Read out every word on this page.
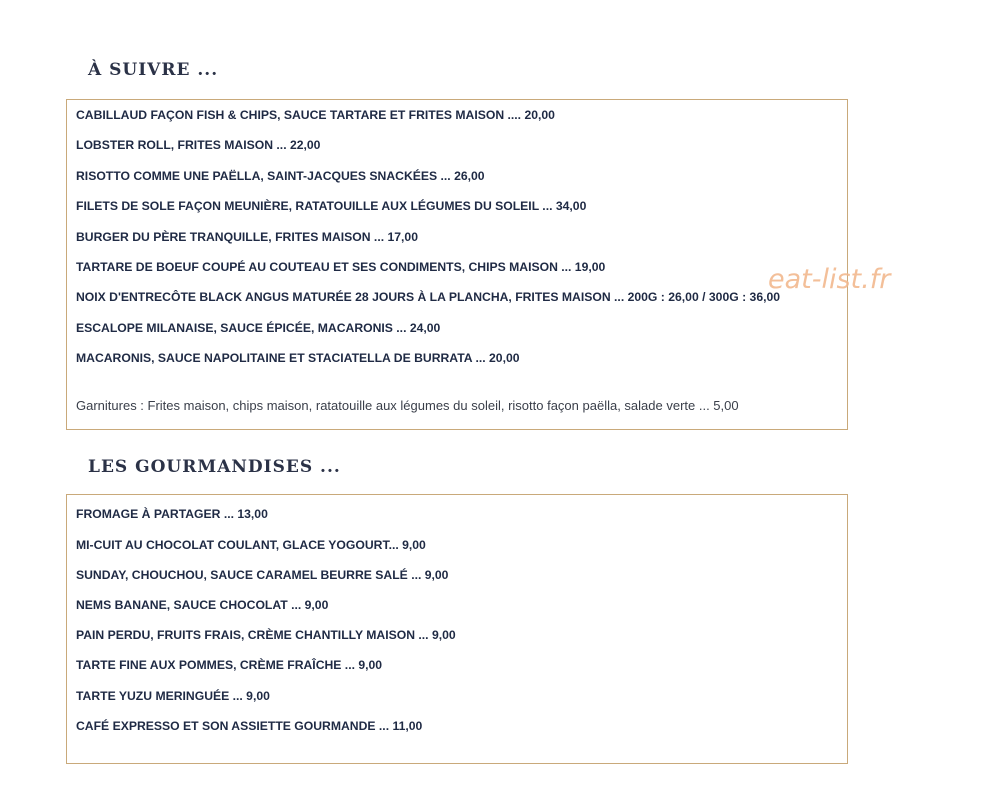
À SUIVRE ...
CABILLAUD FAÇON FISH & CHIPS, SAUCE TARTARE ET FRITES MAISON .... 20,00
LOBSTER ROLL, FRITES MAISON ... 22,00
RISOTTO COMME UNE PAËLLA, SAINT-JACQUES SNACKÉES ... 26,00
FILETS DE SOLE FAÇON MEUNIÈRE, RATATOUILLE AUX LÉGUMES DU SOLEIL ... 34,00
BURGER DU PÈRE TRANQUILLE, FRITES MAISON ... 17,00
TARTARE DE BOEUF COUPÉ AU COUTEAU ET SES CONDIMENTS, CHIPS MAISON ... 19,00
NOIX D'ENTRECÔTE BLACK ANGUS MATURÉE 28 JOURS À LA PLANCHA, FRITES MAISON ... 200G : 26,00 / 300G : 36,00
ESCALOPE MILANAISE, SAUCE ÉPICÉE, MACARONIS ... 24,00
MACARONIS, SAUCE NAPOLITAINE ET STACIATELLA DE BURRATA ... 20,00
Garnitures : Frites maison, chips maison, ratatouille aux légumes du soleil, risotto façon paëlla, salade verte ... 5,00
LES GOURMANDISES ...
FROMAGE À PARTAGER ... 13,00
MI-CUIT AU CHOCOLAT COULANT, GLACE YOGOURT... 9,00
SUNDAY, CHOUCHOU, SAUCE CARAMEL BEURRE SALÉ ... 9,00
NEMS BANANE, SAUCE CHOCOLAT ... 9,00
PAIN PERDU, FRUITS FRAIS, CRÈME CHANTILLY MAISON ... 9,00
TARTE FINE AUX POMMES, CRÈME FRAÎCHE ... 9,00
TARTE YUZU MERINGUÉE ... 9,00
CAFÉ EXPRESSO ET SON ASSIETTE GOURMANDE ... 11,00
eat-list.fr
